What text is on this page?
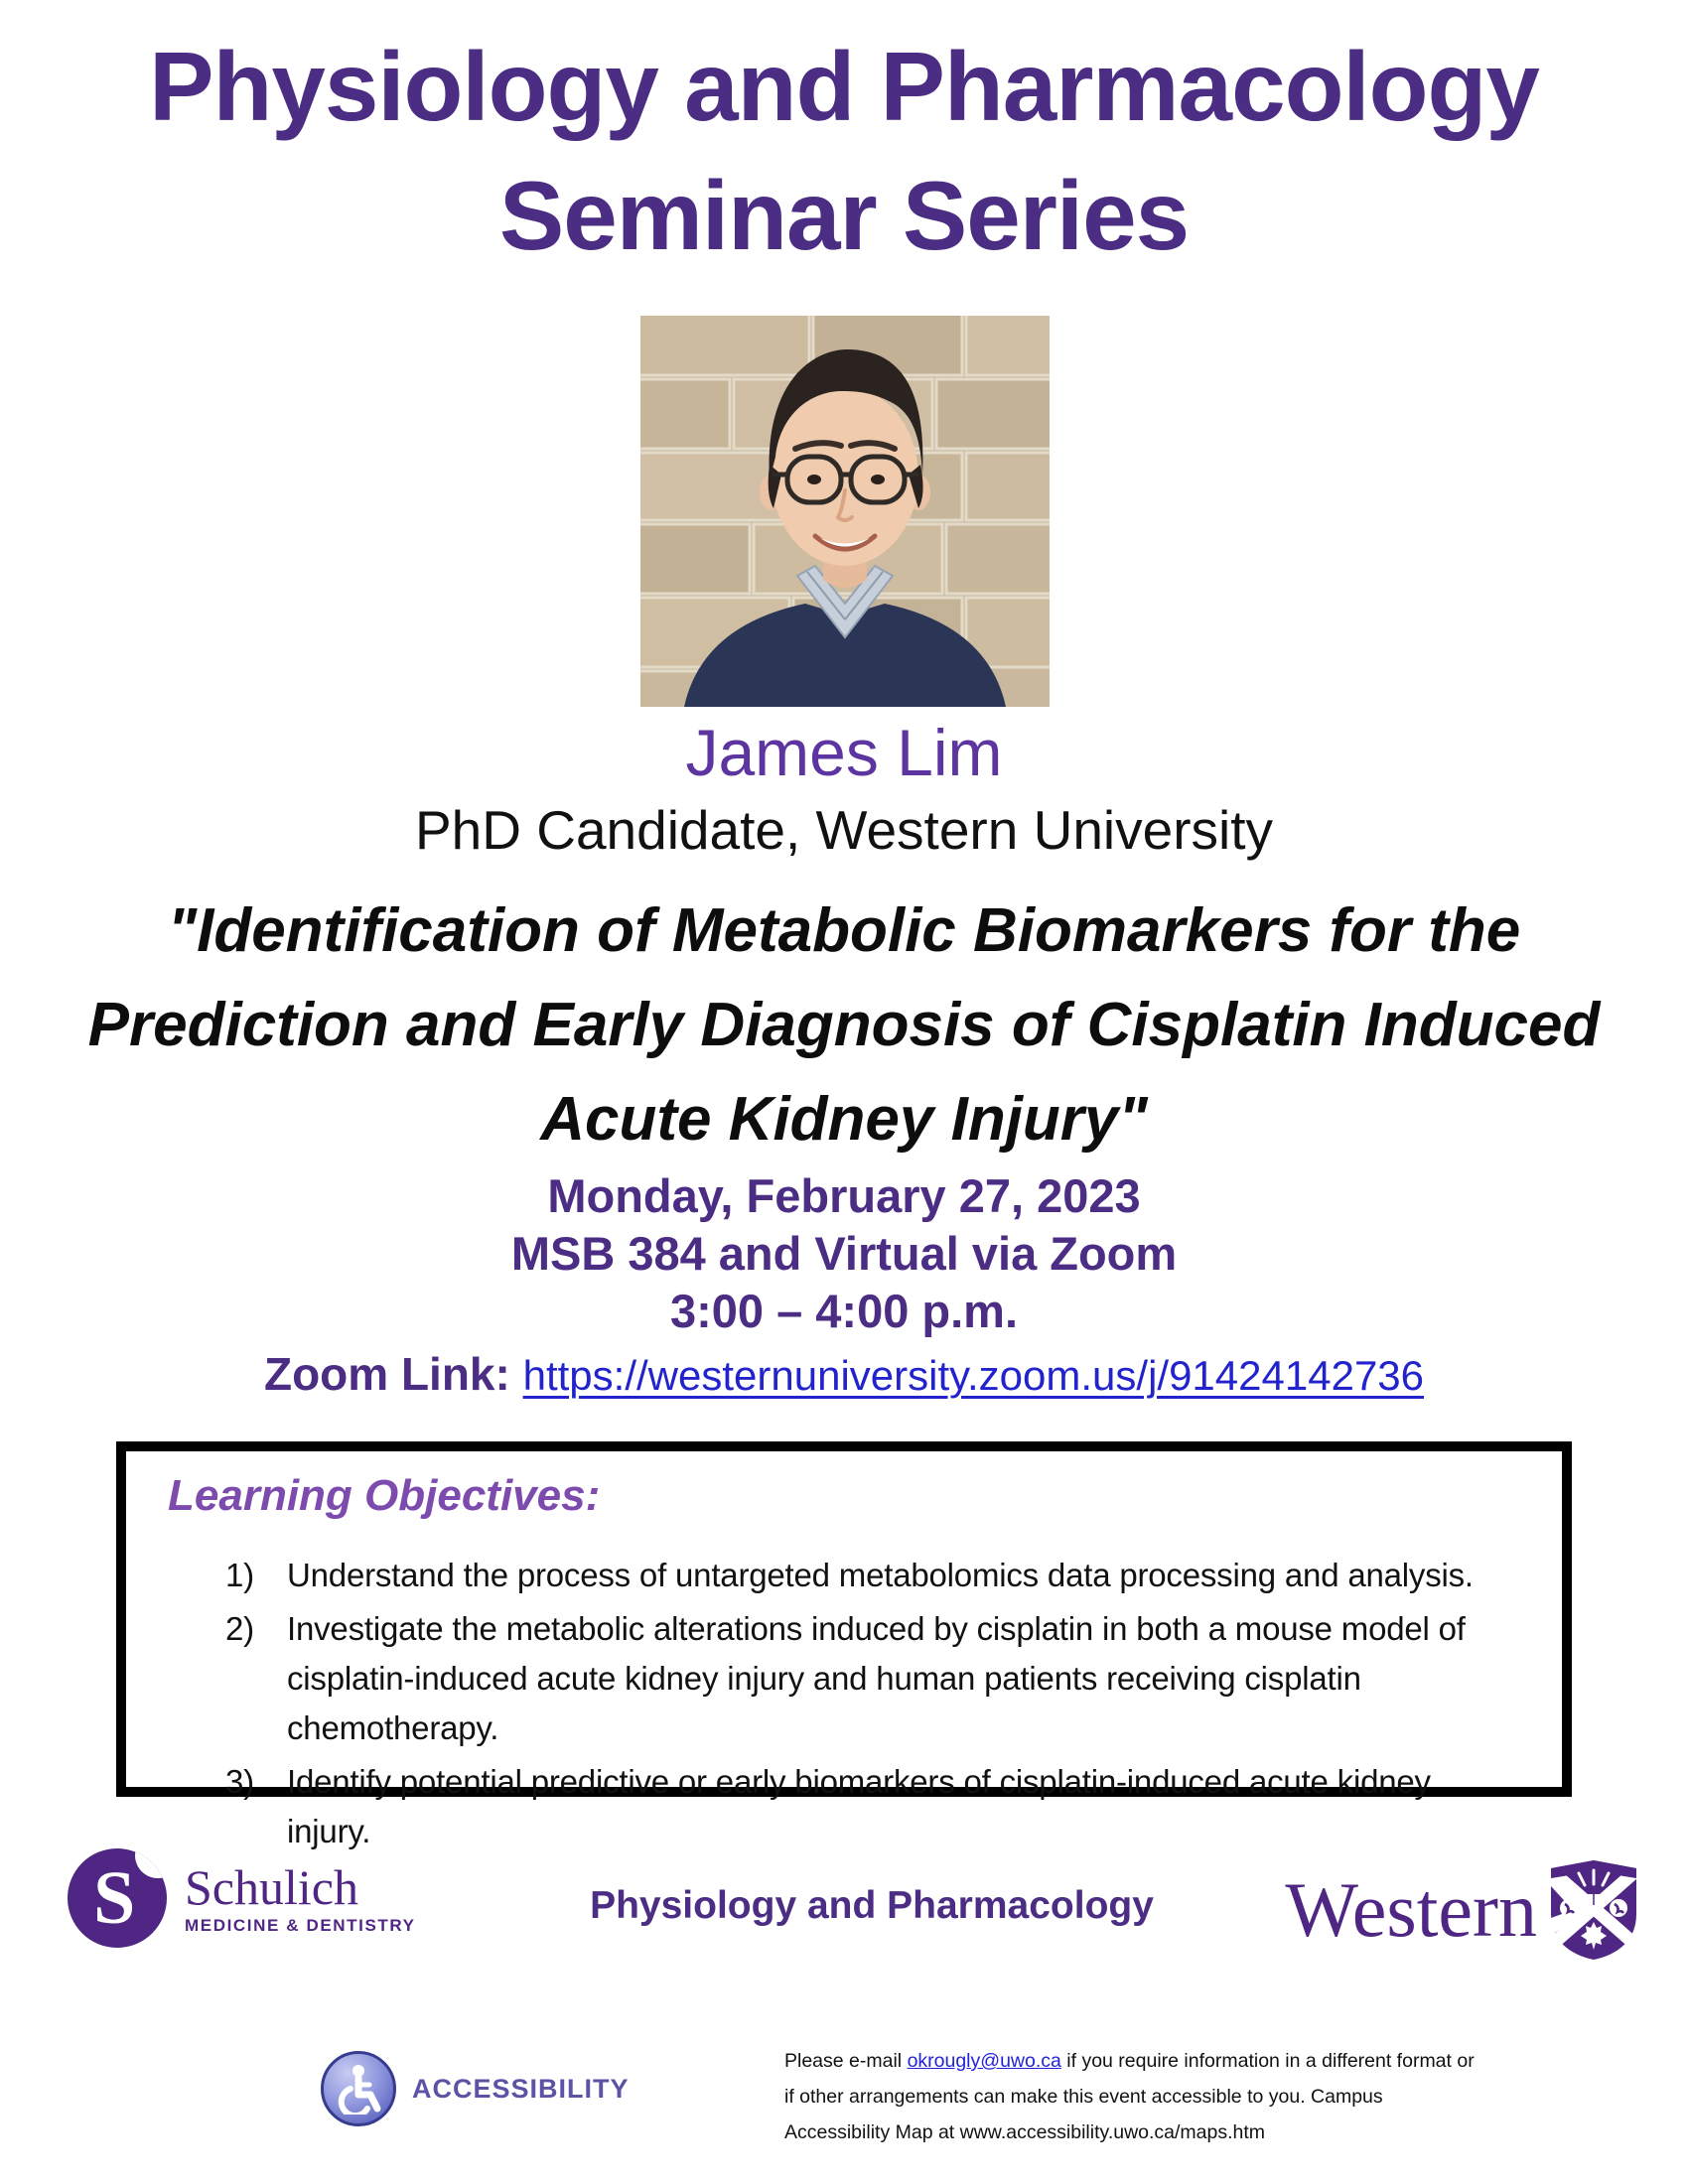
Physiology and Pharmacology
Seminar Series
James Lim
PhD Candidate, Western University
"Identification of Metabolic Biomarkers for the Prediction and Early Diagnosis of Cisplatin Induced Acute Kidney Injury"
Monday, February 27, 2023
MSB 384 and Virtual via Zoom
3:00 – 4:00 p.m.
Zoom Link: https://westernuniversity.zoom.us/j/91424142736
Learning Objectives:
1)	Understand the process of untargeted metabolomics data processing and analysis.
2)	Investigate the metabolic alterations induced by cisplatin in both a mouse model of cisplatin-induced acute kidney injury and human patients receiving cisplatin chemotherapy.
3)	Identify potential predictive or early biomarkers of cisplatin-induced acute kidney injury.
S Schulich
MEDICINE & DENTISTRY	Physiology and Pharmacology Western
ACCESSIBILITY
Please e-mail okrougly@uwo.ca if you require information in a different format or if other arrangements can make this event accessible to you. Campus Accessibility Map at www.accessibility.uwo.ca/maps.htm
